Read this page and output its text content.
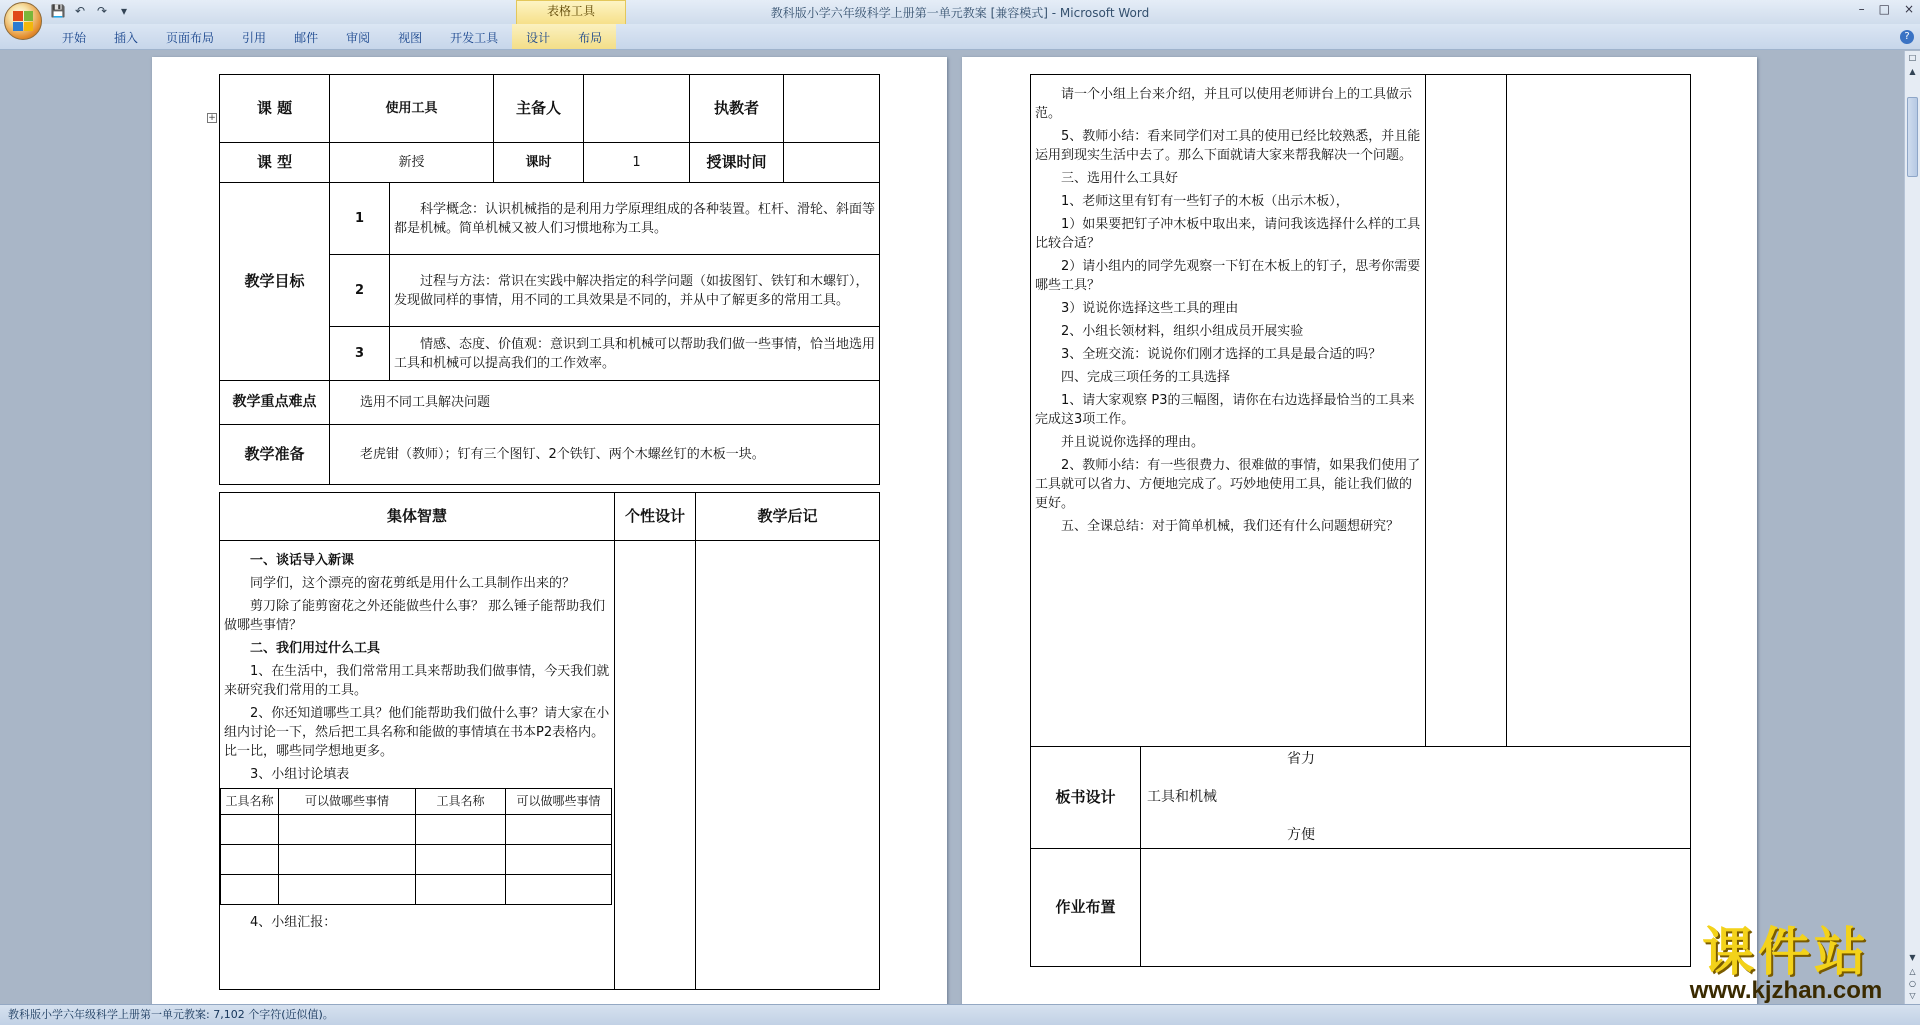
💾 ↶ ↷	▾	表格工具	教科版小学六年级科学上册第一单元教案 [兼容模式] - Microsoft Word	– □ ×
开始	插入	页面布局	引用	邮件	审阅	视图	开发工具	设计	布局	?
课 题	使用工具		主备人		执教者	
课 型	新授		课时	1	授课时间	
教学目标	1	科学概念：认识机械指的是利用力学原理组成的各种装置。杠杆、滑轮、斜面等都是机械。简单机械又被人们习惯地称为工具。				

	2	过程与方法：常识在实践中解决指定的科学问题（如拔图钉、铁钉和木螺钉），发现做同样的事情，用不同的工具效果是不同的，并从中了解更多的常用工具。				

	3	情感、态度、价值观：意识到工具和机械可以帮助我们做一些事情，恰当地选用工具和机械可以提高我们的工作效率。				

教学重点难点	选用不同工具解决问题					
教学准备	老虎钳（教师）；钉有三个图钉、2个铁钉、两个木螺丝钉的木板一块。					
集体智慧	个性设计	教学后记

一、谈话导入新课
同学们，这个漂亮的窗花剪纸是用什么工具制作出来的？
剪刀除了能剪窗花之外还能做些什么事？ 那么锤子能帮助我们做哪些事情？
二、我们用过什么工具
1、在生活中，我们常常用工具来帮助我们做事情，今天我们就来研究我们常用的工具。
2、你还知道哪些工具？他们能帮助我们做什么事？请大家在小组内讨论一下，然后把工具名称和能做的事情填在书本P2表格内。比一比，哪些同学想地更多。
3、小组讨论填表
工具名称	可以做哪些事情	工具名称	可以做哪些事情

4、小组汇报：

+
请一个小组上台来介绍，并且可以使用老师讲台上的工具做示范。
5、教师小结：看来同学们对工具的使用已经比较熟悉，并且能运用到现实生活中去了。那么下面就请大家来帮我解决一个问题。
三、选用什么工具好
1、老师这里有钉有一些钉子的木板（出示木板），
1）如果要把钉子冲木板中取出来，请问我该选择什么样的工具比较合适？
2）请小组内的同学先观察一下钉在木板上的钉子，思考你需要哪些工具？
3）说说你选择这些工具的理由
2、小组长领材料，组织小组成员开展实验
3、全班交流：说说你们刚才选择的工具是最合适的吗？
四、完成三项任务的工具选择
1、请大家观察 P3的三幅图，请你在右边选择最恰当的工具来完成这3项工作。
并且说说你选择的理由。
2、教师小结：有一些很费力、很难做的事情，如果我们使用了工具就可以省力、方便地完成了。巧妙地使用工具，能让我们做的更好。
五、全课总结：对于简单机械，我们还有什么问题想研究？

板书设计	省力
工具和机械
方便

作业布置	
□
▲
▼
△
○
▽
教科版小学六年级科学上册第一单元教案: 7,102 个字符(近似值)。
课件站
www.kjzhan.com
